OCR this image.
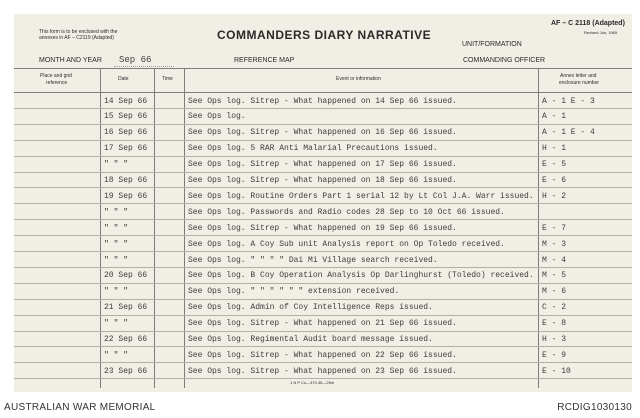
This form is to be enclosed with the
annexes in AF – C2119 (Adapted)	COMMANDERS DIARY NARRATIVE
AF – C 2118 (Adapted)
Revised Jun, 1965
UNIT/FORMATION
MONTH AND YEAR Sep 66	REFERENCE MAP	COMMANDING OFFICER
Place and grid
reference
Date	Time	Event or information	Annex letter and
enclosure number
14 Sep 66	See Ops log. Sitrep - What happened on 14 Sep 66 issued.	A - 1 E - 3
15 Sep 66	See Ops log.	A - 1
16 Sep 66	See Ops log. Sitrep - What happened on 16 Sep 66 issued.	A - 1 E - 4
17 Sep 66	See Ops log. 5 RAR Anti Malarial Precautions issued.	H - 1
" " "	See Ops log. Sitrep - What happened on 17 Sep 66 issued.	E - 5
18 Sep 66	See Ops log. Sitrep - What happened on 18 Sep 66 issued.	E - 6
19 Sep 66	See Ops log. Routine Orders Part 1 serial 12 by Lt Col J.A. Warr issued. H - 2
" " "	See Ops log. Passwords and Radio codes 28 Sep to 10 Oct 66 issued.
" " "	See Ops log. Sitrep - What happened on 19 Sep 66 issued.	E - 7
" " "	See Ops log. A Coy Sub unit Analysis report on Op Toledo received.	M - 3
" " "	See Ops log. " " " " Dai Mi Village search received.	M - 4
20 Sep 66	See Ops log. B Coy Operation Analysis Op Darlinghurst (Toledo) received. M - 5
" " "	See Ops log. " " " " " " extension received.	M - 6
21 Sep 66	See Ops log. Admin of Coy Intelligence Reps issued.	C - 2
" " "	See Ops log. Sitrep - What happened on 21 Sep 66 issued.	E - 8
22 Sep 66	See Ops log. Regimental Audit board message issued.	H - 3
" " "	See Ops log. Sitrep - What happened on 22 Sep 66 issued.	E - 9
23 Sep 66	See Ops log. Sitrep - What happened on 23 Sep 66 issued.	E - 10
1 N P Co—370.45—25m
AUSTRALIAN WAR MEMORIAL	RCDIG1030130
